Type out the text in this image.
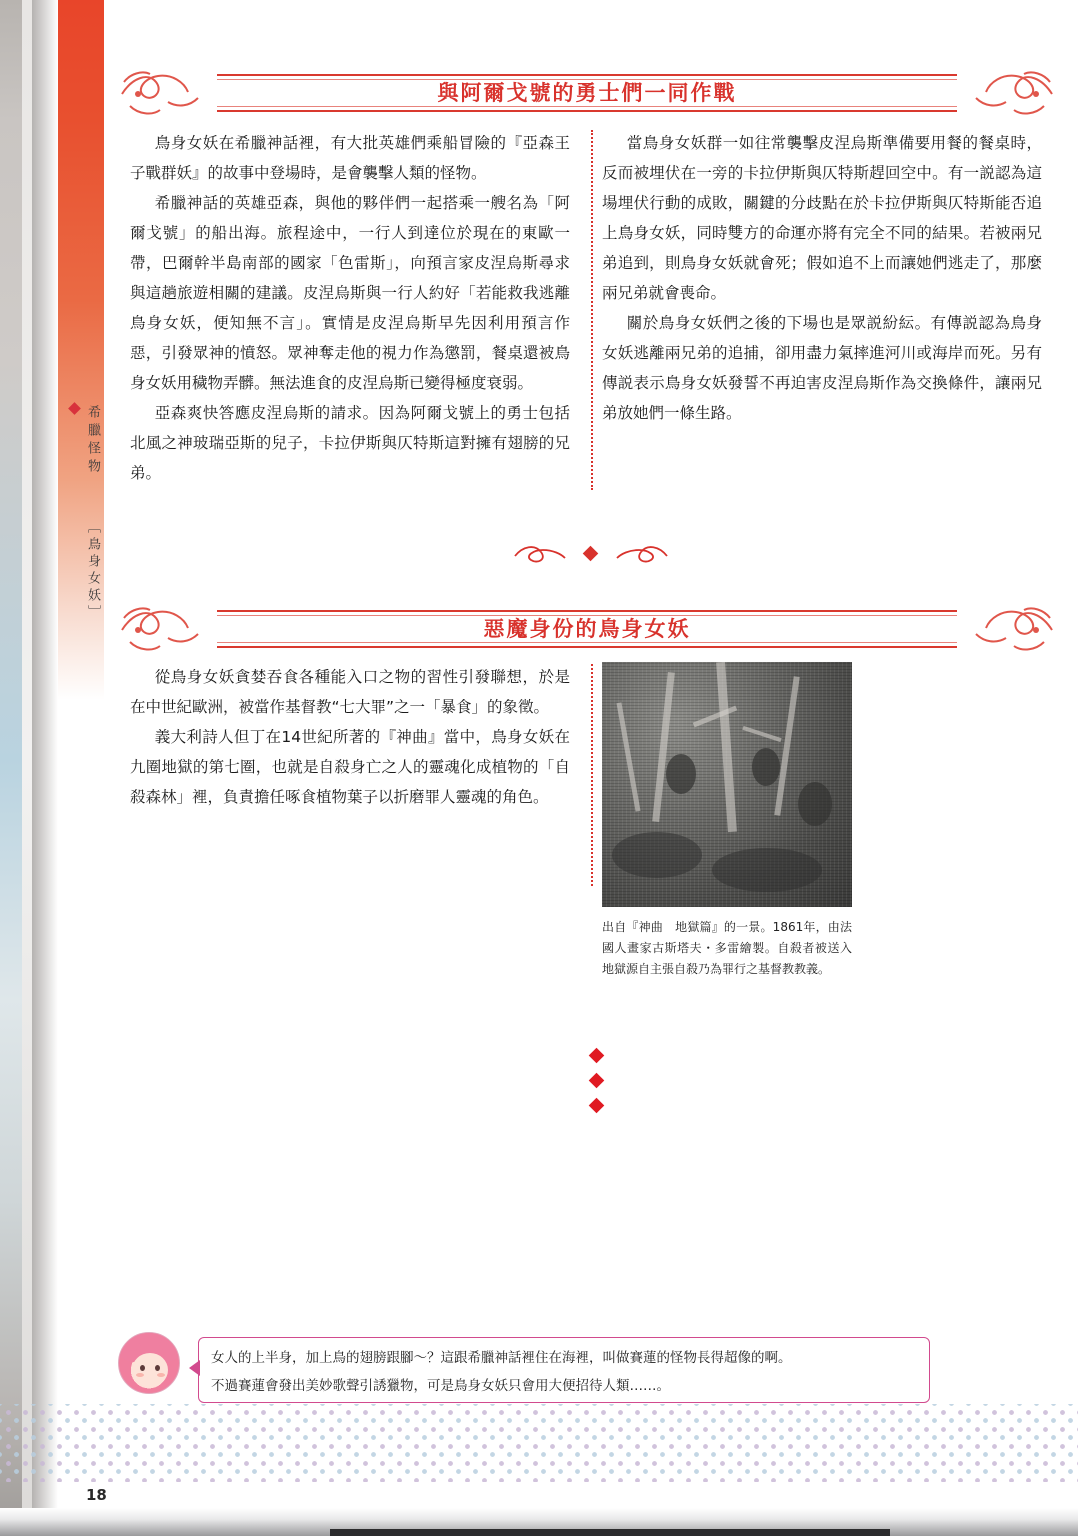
希臘怪物
［鳥身女妖］
與阿爾戈號的勇士們一同作戰

當鳥身女妖群一如往常襲擊皮涅烏斯準備要用餐的餐桌時，反而被埋伏在一旁的卡拉伊斯與仄特斯趕回空中。有一説認為這場埋伏行動的成敗，關鍵的分歧點在於卡拉伊斯與仄特斯能否追上鳥身女妖，同時雙方的命運亦將有完全不同的結果。若被兩兄弟追到，則鳥身女妖就會死；假如追不上而讓她們逃走了，那麼兩兄弟就會喪命。

關於鳥身女妖們之後的下場也是眾説紛紜。有傳説認為鳥身女妖逃離兩兄弟的追捕，卻用盡力氣摔進河川或海岸而死。另有傳説表示鳥身女妖發誓不再迫害皮涅烏斯作為交換條件，讓兩兄弟放她們一條生路。

鳥身女妖在希臘神話裡，有大批英雄們乘船冒險的『亞森王子戰群妖』的故事中登場時，是會襲擊人類的怪物。

希臘神話的英雄亞森，與他的夥伴們一起搭乘一艘名為「阿爾戈號」的船出海。旅程途中，一行人到達位於現在的東歐一帶，巴爾幹半島南部的國家「色雷斯」，向預言家皮涅烏斯尋求與這趟旅遊相關的建議。皮涅烏斯與一行人約好「若能救我逃離鳥身女妖，便知無不言」。實情是皮涅烏斯早先因利用預言作惡，引發眾神的憤怒。眾神奪走他的視力作為懲罰，餐桌還被鳥身女妖用穢物弄髒。無法進食的皮涅烏斯已變得極度衰弱。

亞森爽快答應皮涅烏斯的請求。因為阿爾戈號上的勇士包括北風之神玻瑞亞斯的兒子，卡拉伊斯與仄特斯這對擁有翅膀的兄弟。

惡魔身份的鳥身女妖

從鳥身女妖貪婪吞食各種能入口之物的習性引發聯想，於是在中世紀歐洲，被當作基督教“七大罪”之一「暴食」的象徵。

義大利詩人但丁在14世紀所著的『神曲』當中，鳥身女妖在九圈地獄的第七圈，也就是自殺身亡之人的靈魂化成植物的「自殺森林」裡，負責擔任啄食植物葉子以折磨罪人靈魂的角色。

出自『神曲　地獄篇』的一景。1861年，由法國人畫家古斯塔夫・多雷繪製。自殺者被送入地獄源自主張自殺乃為罪行之基督教教義。
女人的上半身，加上鳥的翅膀跟腳～？這跟希臘神話裡住在海裡，叫做賽蓮的怪物長得超像的啊。
不過賽蓮會發出美妙歌聲引誘獵物，可是鳥身女妖只會用大便招待人類……。
18
